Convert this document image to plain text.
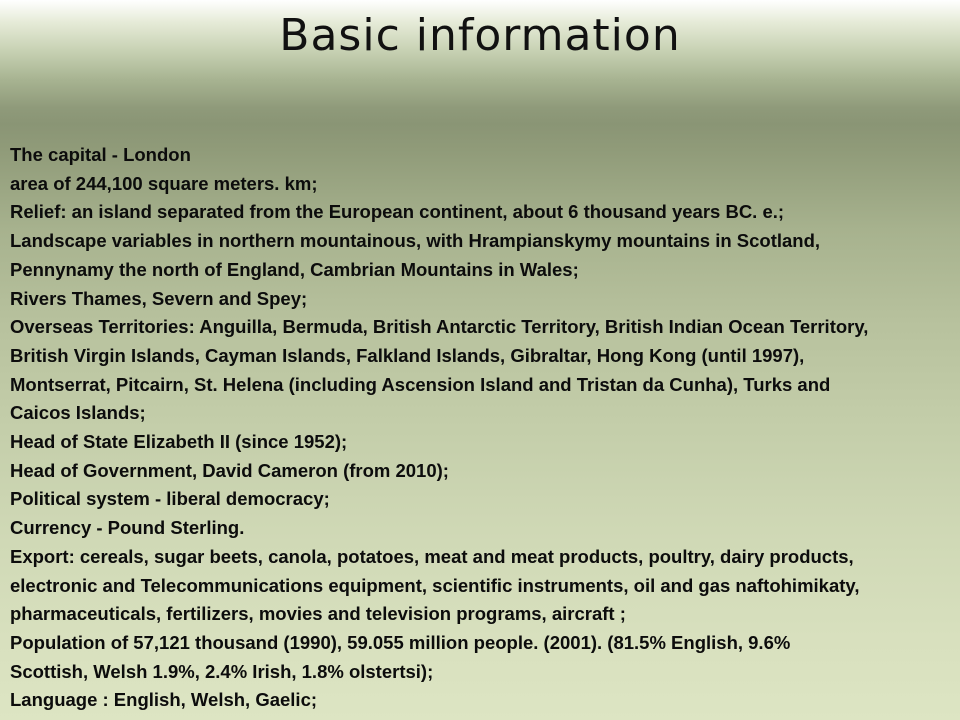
Basic information
The capital - London
area of 244,100 square meters. km;
Relief: an island separated from the European continent, about 6 thousand years BC. e.;
Landscape variables in northern mountainous, with Hrampianskymy mountains in Scotland,
Pennynamy the north of England, Cambrian Mountains in Wales;
Rivers Thames, Severn and Spey;
Overseas Territories: Anguilla, Bermuda, British Antarctic Territory, British Indian Ocean Territory,
British Virgin Islands, Cayman Islands, Falkland Islands, Gibraltar, Hong Kong (until 1997),
Montserrat, Pitcairn, St. Helena (including Ascension Island and Tristan da Cunha), Turks and
Caicos Islands;
Head of State Elizabeth II (since 1952);
Head of Government, David Cameron (from 2010);
Political system - liberal democracy;
Currency - Pound Sterling.
Export: cereals, sugar beets, canola, potatoes, meat and meat products, poultry, dairy products,
electronic and Telecommunications equipment, scientific instruments, oil and gas naftohimikaty,
pharmaceuticals, fertilizers, movies and television programs, aircraft ;
Population of 57,121 thousand (1990), 59.055 million people. (2001). (81.5% English, 9.6%
Scottish, Welsh 1.9%, 2.4% Irish, 1.8% olstertsi);
Language : English, Welsh, Gaelic;
